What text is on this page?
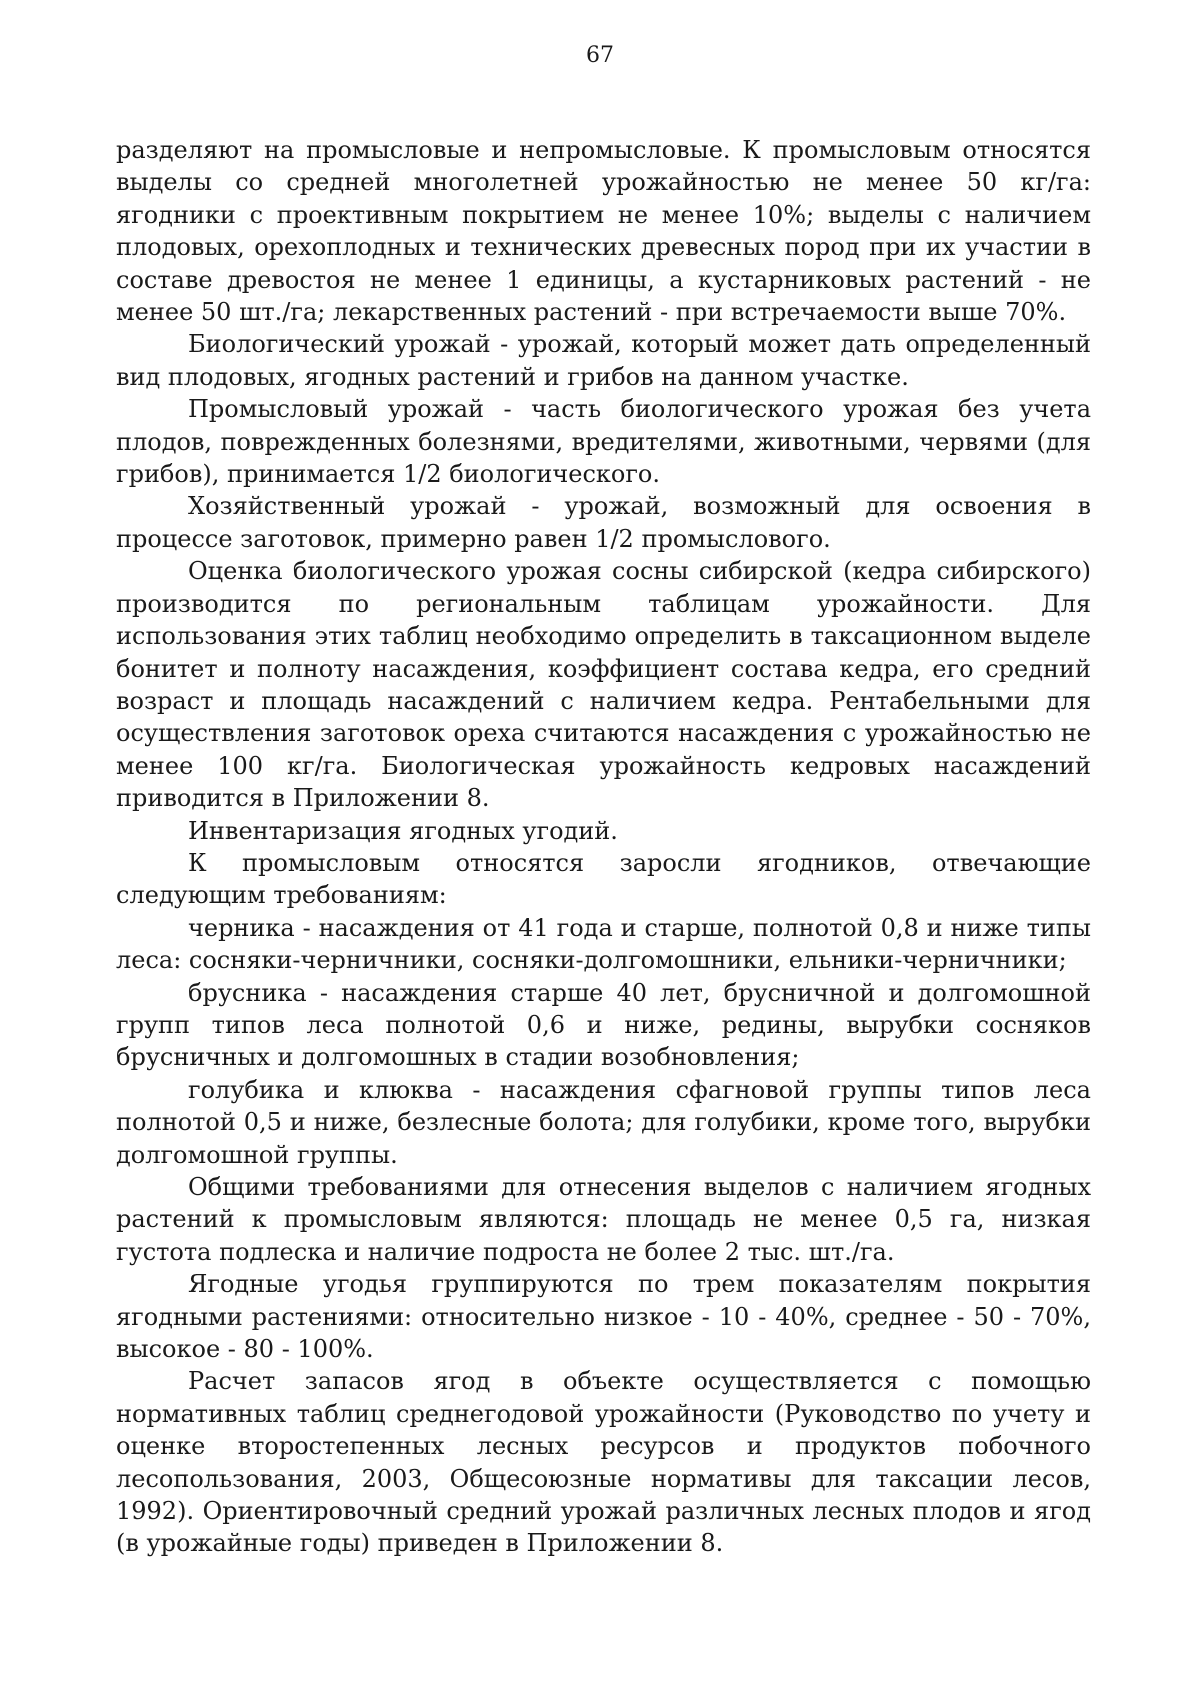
67

разделяют на промысловые и непромысловые. К промысловым относятся выделы со средней многолетней урожайностью не менее 50 кг/га: ягодники с проективным покрытием не менее 10%; выделы с наличием плодовых, орехоплодных и технических древесных пород при их участии в составе древостоя не менее 1 единицы, а кустарниковых растений - не менее 50 шт./га; лекарственных растений - при встречаемости выше 70%.

Биологический урожай - урожай, который может дать определенный вид плодовых, ягодных растений и грибов на данном участке.

Промысловый урожай - часть биологического урожая без учета плодов, поврежденных болезнями, вредителями, животными, червями (для грибов), принимается 1/2 биологического.

Хозяйственный урожай - урожай, возможный для освоения в процессе заготовок, примерно равен 1/2 промыслового.

Оценка биологического урожая сосны сибирской (кедра сибирского) производится по региональным таблицам урожайности. Для использования этих таблиц необходимо определить в таксационном выделе бонитет и полноту насаждения, коэффициент состава кедра, его средний возраст и площадь насаждений с наличием кедра. Рентабельными для осуществления заготовок ореха считаются насаждения с урожайностью не менее 100 кг/га. Биологическая урожайность кедровых насаждений приводится в Приложении 8.

Инвентаризация ягодных угодий.

К промысловым относятся заросли ягодников, отвечающие следующим требованиям:

черника - насаждения от 41 года и старше, полнотой 0,8 и ниже типы леса: сосняки-черничники, сосняки-долгомошники, ельники-черничники;

брусника - насаждения старше 40 лет, брусничной и долгомошной групп типов леса полнотой 0,6 и ниже, редины, вырубки сосняков брусничных и долгомошных в стадии возобновления;

голубика и клюква - насаждения сфагновой группы типов леса полнотой 0,5 и ниже, безлесные болота; для голубики, кроме того, вырубки долгомошной группы.

Общими требованиями для отнесения выделов с наличием ягодных растений к промысловым являются: площадь не менее 0,5 га, низкая густота подлеска и наличие подроста не более 2 тыс. шт./га.

Ягодные угодья группируются по трем показателям покрытия ягодными растениями: относительно низкое - 10 - 40%, среднее - 50 - 70%, высокое - 80 - 100%.

Расчет запасов ягод в объекте осуществляется с помощью нормативных таблиц среднегодовой урожайности (Руководство по учету и оценке второстепенных лесных ресурсов и продуктов побочного лесопользования, 2003, Общесоюзные нормативы для таксации лесов, 1992). Ориентировочный средний урожай различных лесных плодов и ягод (в урожайные годы) приведен в Приложении 8.
